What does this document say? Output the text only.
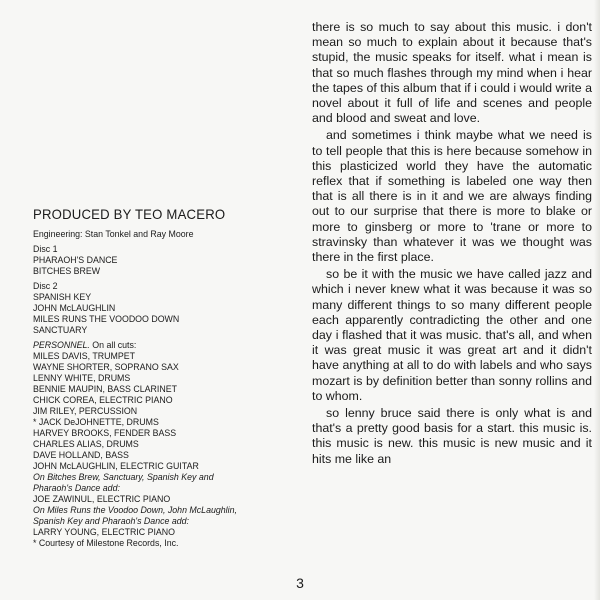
PRODUCED BY TEO MACERO
Engineering: Stan Tonkel and Ray Moore
Disc 1
PHARAOH'S DANCE
BITCHES BREW
Disc 2
SPANISH KEY
JOHN McLAUGHLIN
MILES RUNS THE VOODOO DOWN
SANCTUARY
PERSONNEL. On all cuts:
MILES DAVIS, TRUMPET
WAYNE SHORTER, SOPRANO SAX
LENNY WHITE, DRUMS
BENNIE MAUPIN, BASS CLARINET
CHICK COREA, ELECTRIC PIANO
JIM RILEY, PERCUSSION
* JACK DeJOHNETTE, DRUMS
HARVEY BROOKS, FENDER BASS
CHARLES ALIAS, DRUMS
DAVE HOLLAND, BASS
JOHN McLAUGHLIN, ELECTRIC GUITAR
On Bitches Brew, Sanctuary, Spanish Key and
Pharaoh's Dance add:
JOE ZAWINUL, ELECTRIC PIANO
On Miles Runs the Voodoo Down, John McLaughlin,
Spanish Key and Pharaoh's Dance add:
LARRY YOUNG, ELECTRIC PIANO
* Courtesy of Milestone Records, Inc.

there is so much to say about this music. i don't mean so much to explain about it because that's stupid, the music speaks for itself. what i mean is that so much flashes through my mind when i hear the tapes of this album that if i could i would write a novel about it full of life and scenes and people and blood and sweat and love.

and sometimes i think maybe what we need is to tell people that this is here because somehow in this plasticized world they have the automatic reflex that if something is labeled one way then that is all there is in it and we are always finding out to our surprise that there is more to blake or more to ginsberg or more to 'trane or more to stravinsky than whatever it was we thought was there in the first place.

so be it with the music we have called jazz and which i never knew what it was because it was so many different things to so many different people each apparently contradicting the other and one day i flashed that it was music. that's all, and when it was great music it was great art and it didn't have anything at all to do with labels and who says mozart is by definition better than sonny rollins and to whom.

so lenny bruce said there is only what is and that's a pretty good basis for a start. this music is. this music is new. this music is new music and it hits me like an

3
